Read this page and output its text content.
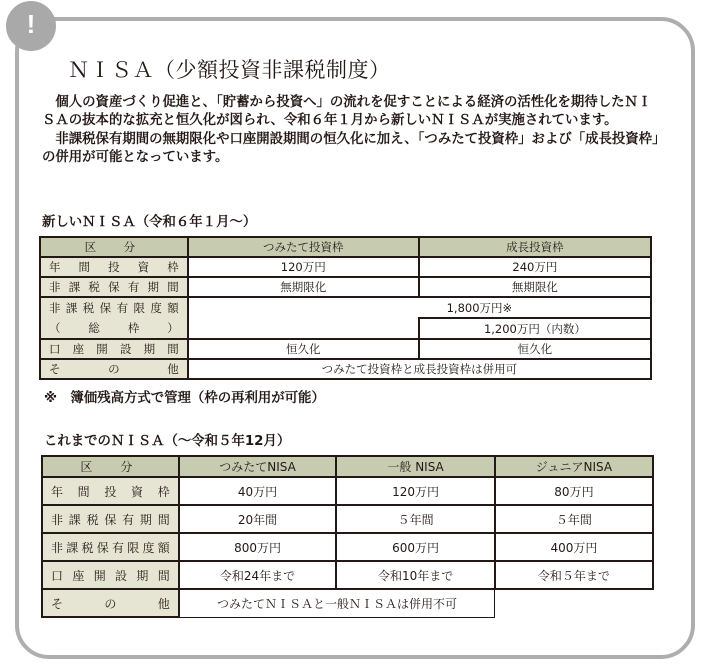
!
ＮＩＳＡ（少額投資非課税制度）

個人の資産づくり促進と、「貯蓄から投資へ」の流れを促すことによる経済の活性化を期待したＮＩＳＡの抜本的な拡充と恒久化が図られ、令和６年１月から新しいＮＩＳＡが実施されています。

非課税保有期間の無期限化や口座開設期間の恒久化に加え、「つみたて投資枠」および「成長投資枠」の併用が可能となっています。

新しいＮＩＳＡ（令和６年１月～）
区　分	つみたて投資枠	成長投資枠
年間投資枠	120万円	240万円
非課税保有期間	無期限化	無期限化

非課税保有限度額
（総枠）	1,800万円※	
		1,200万円（内数）
口座開設期間	恒久化	恒久化
その他	つみたて投資枠と成長投資枠は併用可	
※　簿価残高方式で管理（枠の再利用が可能）
これまでのＮＩＳＡ（～令和５年12月）
区　分	つみたてNISA	一般 NISA	ジュニアNISA
年間投資枠	40万円	120万円	80万円
非課税保有期間	20年間	５年間	５年間
非課税保有限度額	800万円	600万円	400万円
口座開設期間	令和24年まで	令和10年まで	令和５年まで
その他	つみたてＮＩＳＡと一般ＮＩＳＡは併用不可		
